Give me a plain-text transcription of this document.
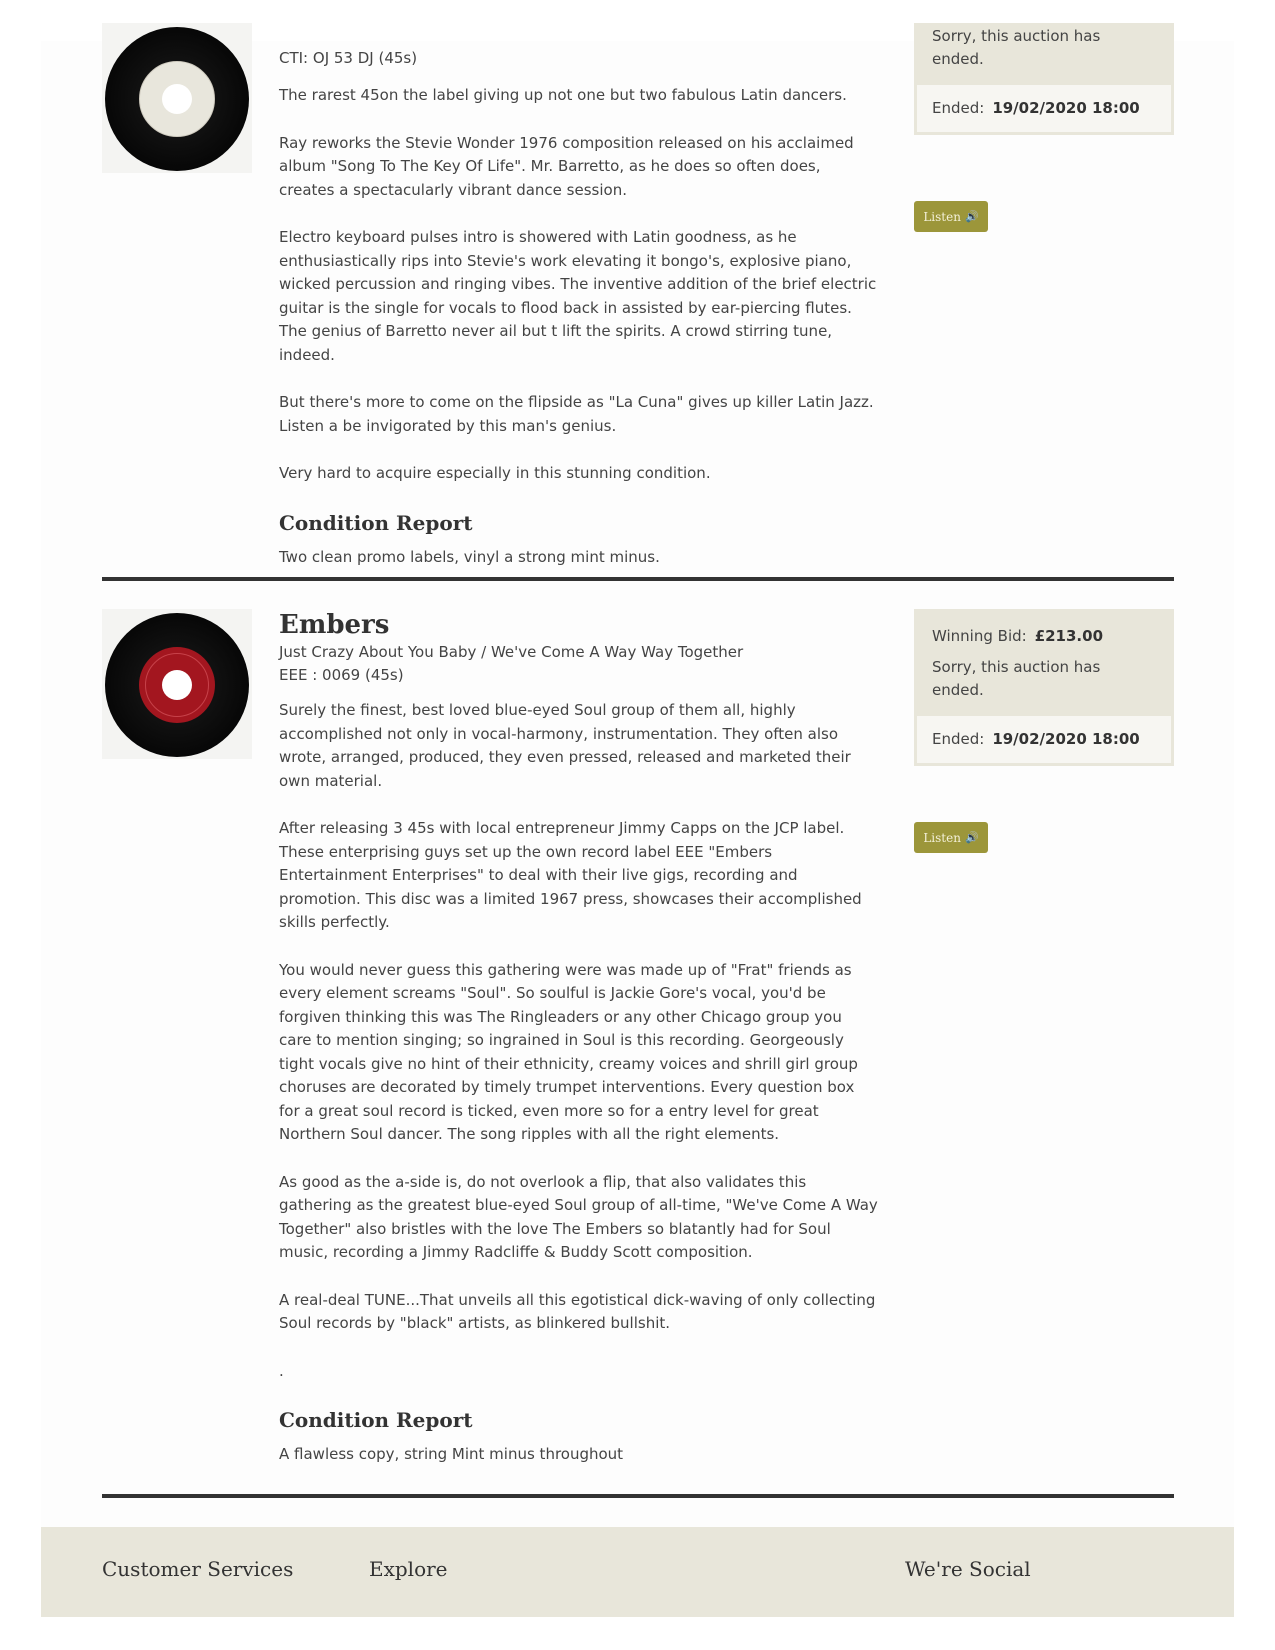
CTI: OJ 53 DJ (45s)

The rarest 45on the label giving up not one but two fabulous Latin dancers.

Ray reworks the Stevie Wonder 1976 composition released on his acclaimed album "Song To The Key Of Life". Mr. Barretto, as he does so often does, creates a spectacularly vibrant dance session.

Electro keyboard pulses intro is showered with Latin goodness, as he enthusiastically rips into Stevie's work elevating it bongo's, explosive piano, wicked percussion and ringing vibes. The inventive addition of the brief electric guitar is the single for vocals to flood back in assisted by ear-piercing flutes. The genius of Barretto never ail but t lift the spirits. A crowd stirring tune, indeed.

But there's more to come on the flipside as "La Cuna" gives up killer Latin Jazz. Listen a be invigorated by this man's genius.

Very hard to acquire especially in this stunning condition.

Condition Report

Two clean promo labels, vinyl a strong mint minus.

Sorry, this auction has ended.
Ended: 19/02/2020 18:00
Listen 🔊
Embers

Just Crazy About You Baby / We've Come A Way Way Together

EEE : 0069 (45s)

Surely the finest, best loved blue-eyed Soul group of them all, highly accomplished not only in vocal-harmony, instrumentation. They often also wrote, arranged, produced, they even pressed, released and marketed their own material.

After releasing 3 45s with local entrepreneur Jimmy Capps on the JCP label. These enterprising guys set up the own record label EEE "Embers Entertainment Enterprises" to deal with their live gigs, recording and promotion. This disc was a limited 1967 press, showcases their accomplished skills perfectly.

You would never guess this gathering were was made up of "Frat" friends as every element screams "Soul". So soulful is Jackie Gore's vocal, you'd be forgiven thinking this was The Ringleaders or any other Chicago group you care to mention singing; so ingrained in Soul is this recording. Georgeously tight vocals give no hint of their ethnicity, creamy voices and shrill girl group choruses are decorated by timely trumpet interventions. Every question box for a great soul record is ticked, even more so for a entry level for great Northern Soul dancer. The song ripples with all the right elements.

As good as the a-side is, do not overlook a flip, that also validates this gathering as the greatest blue-eyed Soul group of all-time, "We've Come A Way Together" also bristles with the love The Embers so blatantly had for Soul music, recording a Jimmy Radcliffe & Buddy Scott composition.

A real-deal TUNE...That unveils all this egotistical dick-waving of only collecting Soul records by "black" artists, as blinkered bullshit.

.

Condition Report

A flawless copy, string Mint minus throughout

Winning Bid: £213.00
Sorry, this auction has ended.
Ended: 19/02/2020 18:00
Listen 🔊
Customer Services	Explore	We're Social
